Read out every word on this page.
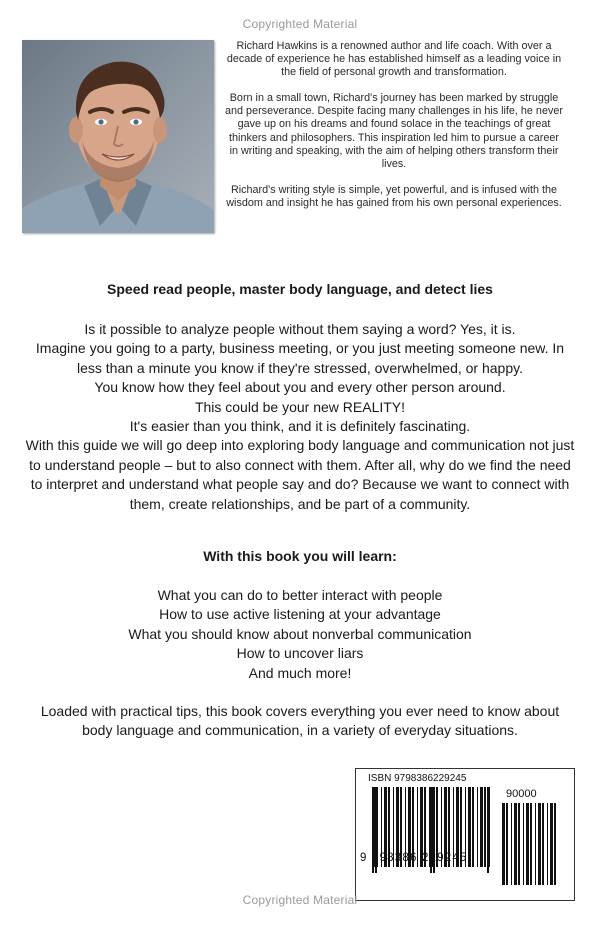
Copyrighted Material

Richard Hawkins is a renowned author and life coach. With over a decade of experience he has established himself as a leading voice in the field of personal growth and transformation.

Born in a small town, Richard's journey has been marked by struggle and perseverance. Despite facing many challenges in his life, he never gave up on his dreams and found solace in the teachings of great thinkers and philosophers. This inspiration led him to pursue a career in writing and speaking, with the aim of helping others transform their lives.

Richard's writing style is simple, yet powerful, and is infused with the wisdom and insight he has gained from his own personal experiences.

Speed read people, master body language, and detect lies

Is it possible to analyze people without them saying a word? Yes, it is.

Imagine you going to a party, business meeting, or you just meeting someone new. In less than a minute you know if they're stressed, overwhelmed, or happy.

You know how they feel about you and every other person around.

This could be your new REALITY!

It's easier than you think, and it is definitely fascinating.

With this guide we will go deep into exploring body language and communication not just to understand people – but to also connect with them. After all, why do we find the need to interpret and understand what people say and do? Because we want to connect with them, create relationships, and be part of a community.

With this book you will learn:
What you can do to better interact with people
How to use active listening at your advantage
What you should know about nonverbal communication
How to uncover liars
And much more!
Loaded with practical tips, this book covers everything you ever need to know about body language and communication, in a variety of everyday situations.
ISBN 9798386229245
90000
9 798386 229245
Copyrighted Material
